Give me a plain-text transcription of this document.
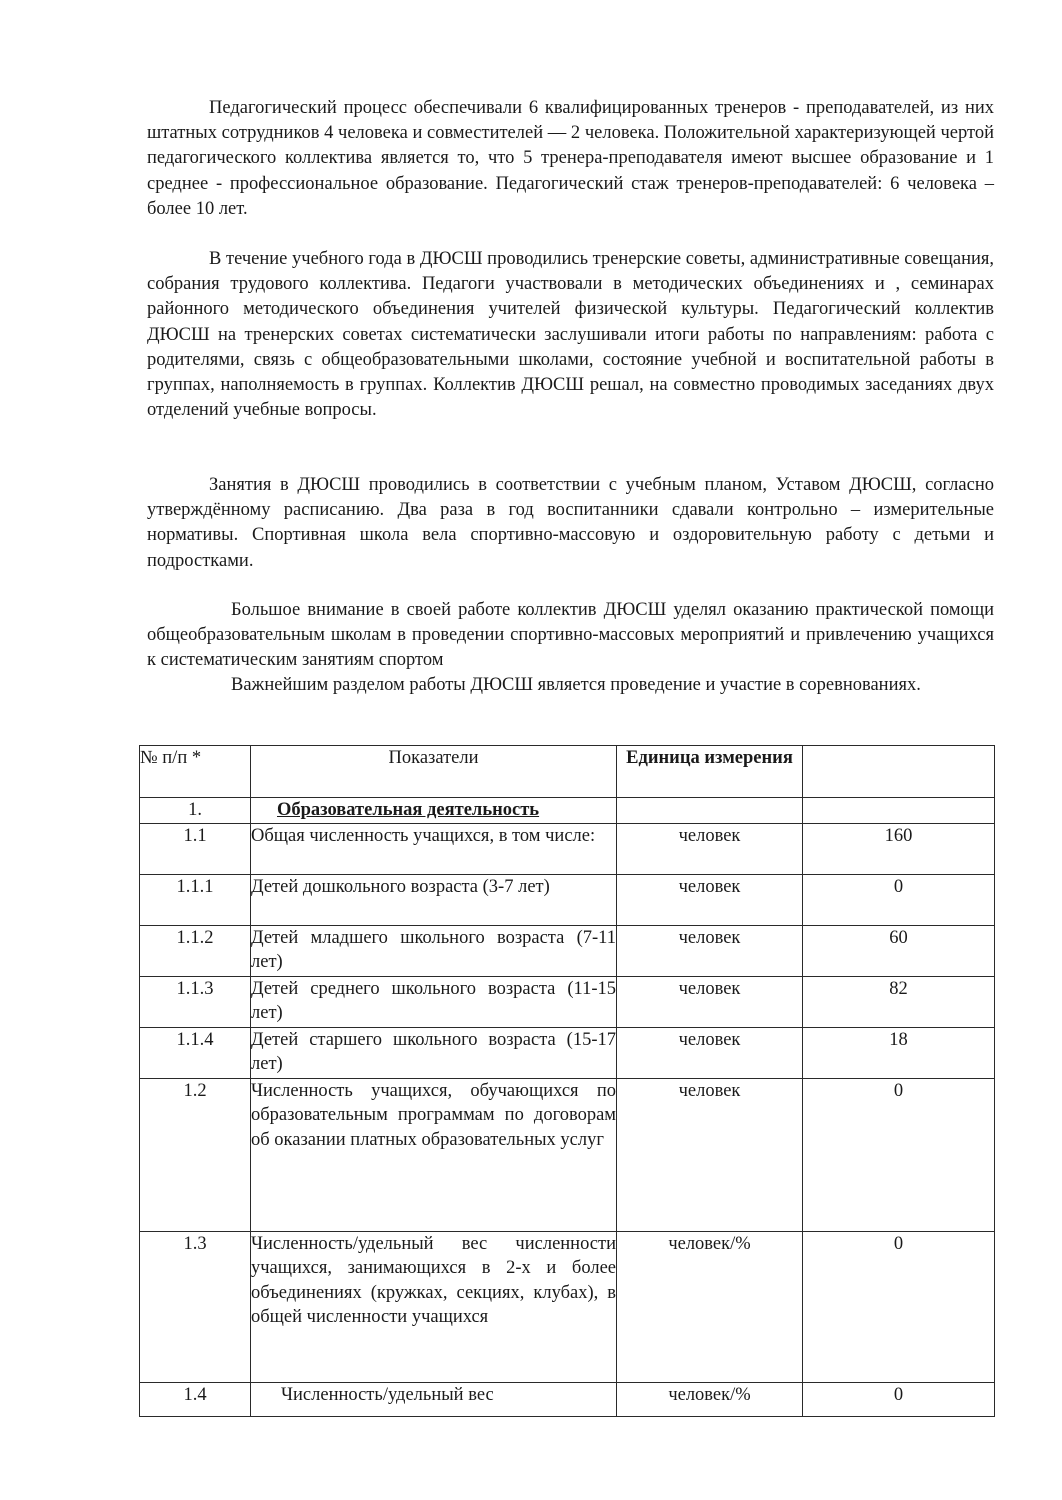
Педагогический процесс обеспечивали 6 квалифицированных тренеров - преподавателей, из них штатных сотрудников 4 человека и совместителей — 2 человека. Положительной характеризующей чертой педагогического коллектива является то, что 5 тренера-преподавателя имеют высшее образование и 1 среднее - профессиональное образование. Педагогический стаж тренеров-преподавателей: 6 человека – более 10 лет.

В течение учебного года в ДЮСШ проводились тренерские советы, административные совещания, собрания трудового коллектива. Педагоги участвовали в методических объединениях и , семинарах районного методического объединения учителей физической культуры. Педагогический коллектив ДЮСШ на тренерских советах систематически заслушивали итоги работы по направлениям: работа с родителями, связь с общеобразовательными школами, состояние учебной и воспитательной работы в группах, наполняемость в группах. Коллектив ДЮСШ решал, на совместно проводимых заседаниях двух отделений учебные вопросы.

Занятия в ДЮСШ проводились в соответствии с учебным планом, Уставом ДЮСШ, согласно утверждённому расписанию. Два раза в год воспитанники сдавали контрольно – измерительные нормативы. Спортивная школа вела спортивно-массовую и оздоровительную работу с детьми и подростками.

Большое внимание в своей работе коллектив ДЮСШ уделял оказанию практической помощи общеобразовательным школам в проведении спортивно-массовых мероприятий и привлечению учащихся к систематическим занятиям спортом

Важнейшим разделом работы ДЮСШ является проведение и участие в соревнованиях.

№ п/п *	Показатели	Единица измерения	
1.	Образовательная деятельность		
1.1	Общая численность учащихся, в том числе:	человек	160
1.1.1	Детей дошкольного возраста (3-7 лет)	человек	0
1.1.2	Детей младшего школьного возраста (7-11 лет)	человек	60
1.1.3	Детей среднего школьного возраста (11-15 лет)	человек	82
1.1.4	Детей старшего школьного возраста (15-17 лет)	человек	18
1.2	Численность учащихся, обучающихся по образовательным программам по договорам об оказании платных образовательных услуг	человек	0
1.3	Численность/удельный вес численности учащихся, занимающихся в 2-х и более объединениях (кружках, секциях, клубах), в общей численности учащихся	человек/%	0
1.4	Численность/удельный вес	человек/%	0
